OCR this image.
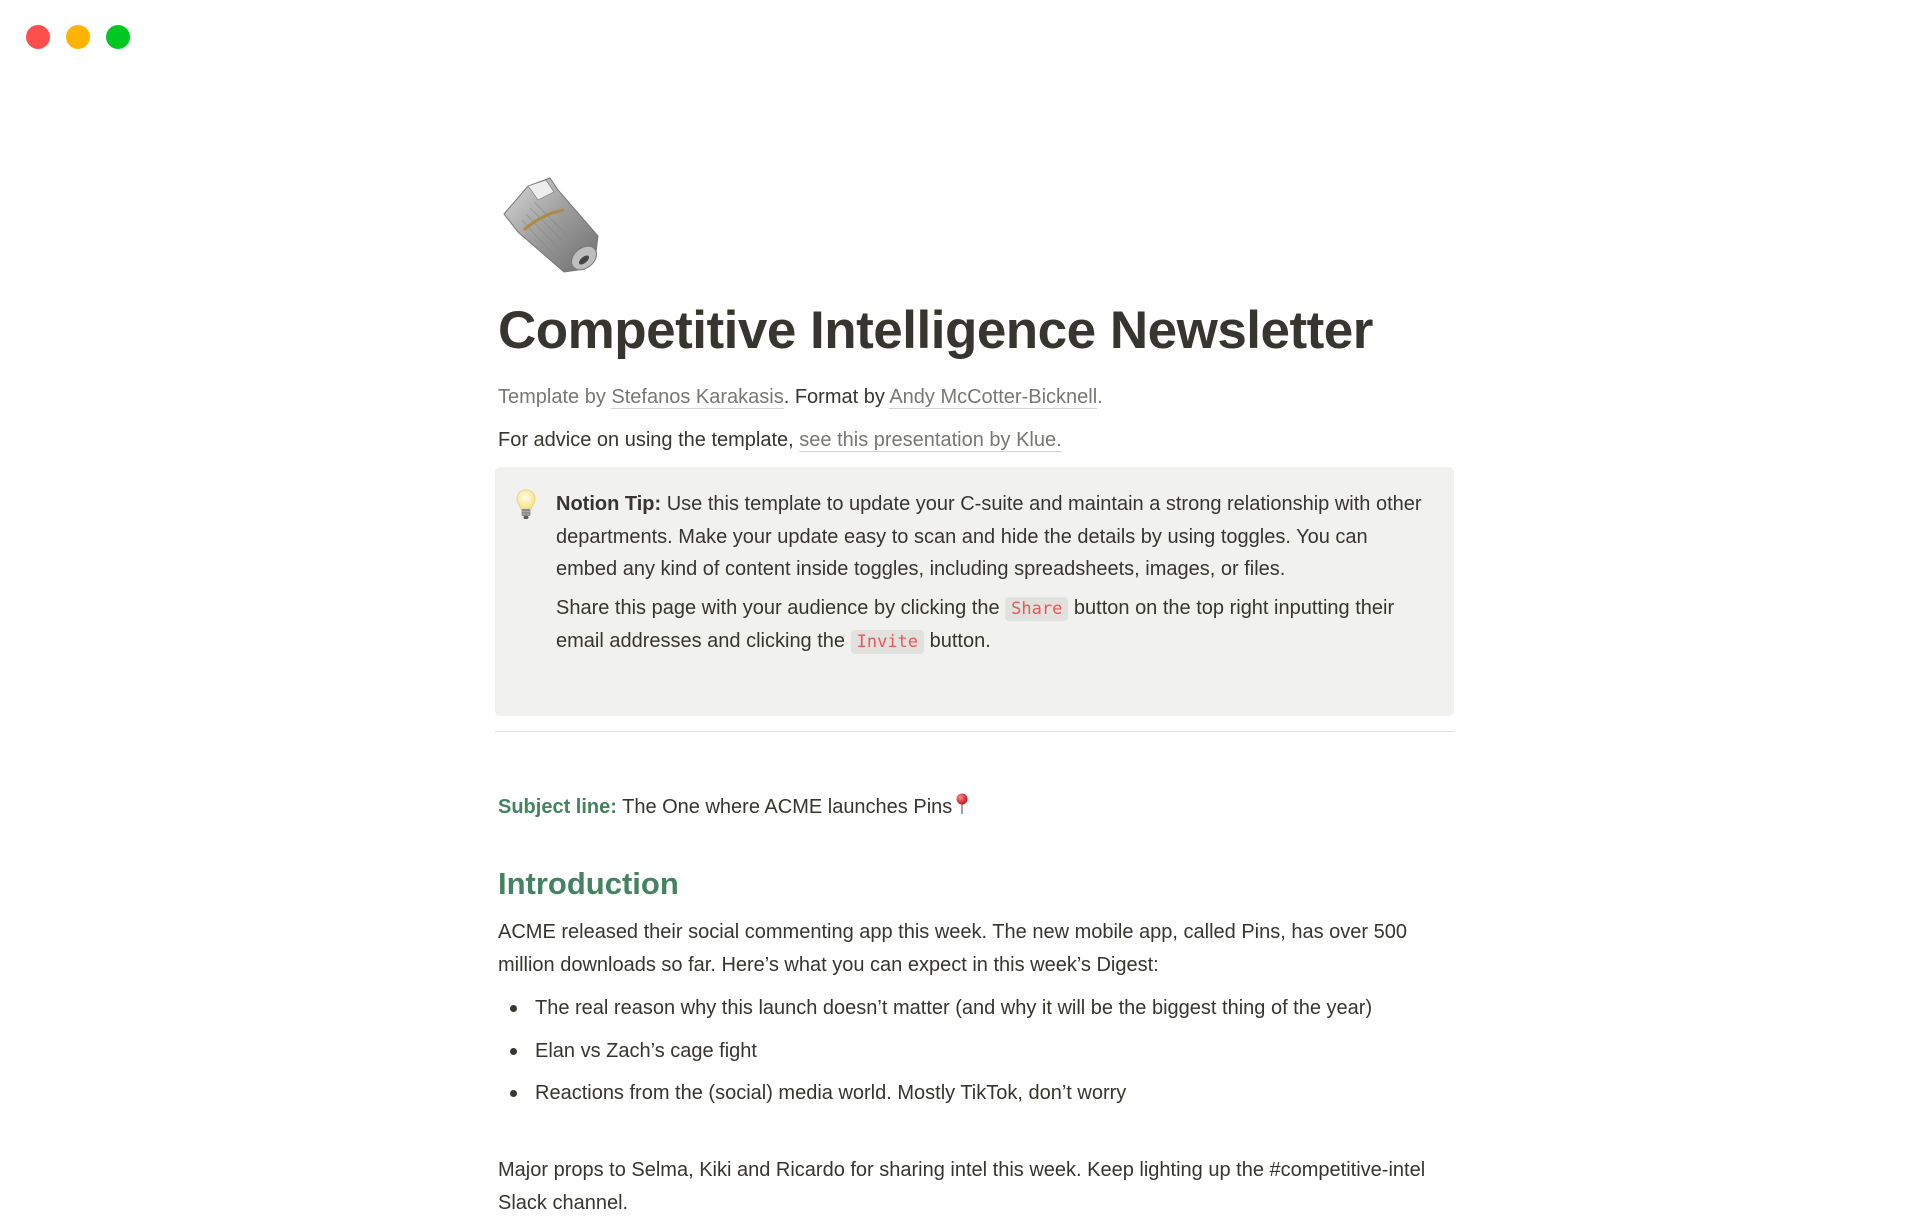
Competitive Intelligence Newsletter
Template by Stefanos Karakasis. Format by Andy McCotter-Bicknell.
For advice on using the template, see this presentation by Klue.

Notion Tip: Use this template to update your C-suite and maintain a strong relationship with other departments. Make your update easy to scan and hide the details by using toggles. You can embed any kind of content inside toggles, including spreadsheets, images, or files.

Share this page with your audience by clicking the Share button on the top right inputting their email addresses and clicking the Invite button.

Subject line: The One where ACME launches Pins
Introduction

ACME released their social commenting app this week. The new mobile app, called Pins, has over 500 million downloads so far. Here’s what you can expect in this week’s Digest:

The real reason why this launch doesn’t matter (and why it will be the biggest thing of the year)
Elan vs Zach’s cage fight
Reactions from the (social) media world. Mostly TikTok, don’t worry

Major props to Selma, Kiki and Ricardo for sharing intel this week. Keep lighting up the #competitive-intel Slack channel.
